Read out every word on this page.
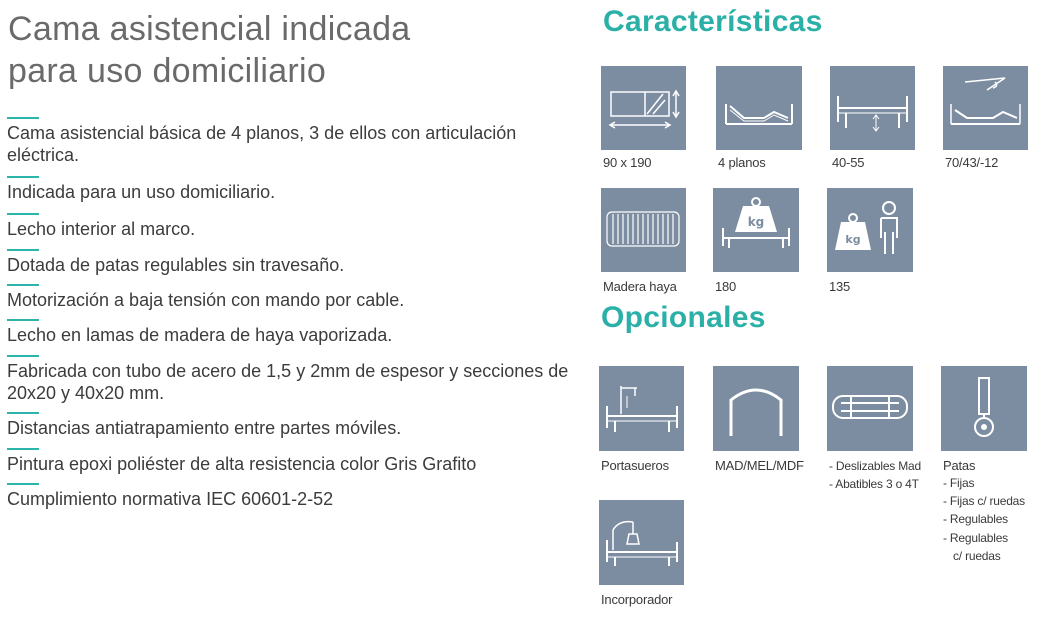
Cama asistencial indicada
para uso domiciliario
Cama asistencial básica de 4 planos, 3 de ellos con articulación eléctrica.
Indicada para un uso domiciliario.
Lecho interior al marco.
Dotada de patas regulables sin travesaño.
Motorización a baja tensión con mando por cable.
Lecho en lamas de madera de haya vaporizada.
Fabricada con tubo de acero de 1,5 y 2mm de espesor y secciones de 20x20 y 40x20 mm.
Distancias antiatrapamiento entre partes móviles.
Pintura epoxi poliéster de alta resistencia color Gris Grafito
Cumplimiento normativa IEC 60601-2-52
Características
90 x 190	4 planos	40-55	70/43/-12
Madera haya
kg
180
kg
135
Opcionales
Portasueros	MAD/MEL/MDF - Deslizables Mad
- Abatibles 3 o 4T
Patas
- Fijas
- Fijas c/ ruedas
- Regulables
- Regulables
c/ ruedas
Incorporador
